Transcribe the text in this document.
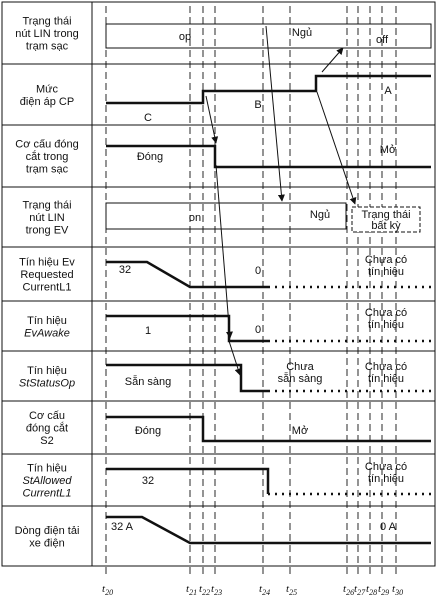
Trạng thái
nút LIN trong
trạm sạc
Mức
điện áp CP
Cơ cấu đóng
cắt trong
trạm sạc
Trạng thái
nút LIN
trong EV
Tín hiệu Ev
Requested
CurrentL1
Tín hiệu
EvAwake
Tín hiệu
StStatusOp
Cơ cấu
đóng cắt
S2
Tín hiệu
StAllowed
CurrentL1
Dòng điện tải
xe điện
op	Ngủ
off
C
B
A
Đóng
Mở
on	Ngủ	Trạng thái
bất kỳ
32	0
Chưa có
tín hiệu
1	0
Chưa có
tín hiệu
Sẵn sàng
Chưa
sẵn sàng
Chưa có
tín hiệu
Đóng	Mở
32
Chưa có
tín hiệu
32 A	0 A
$t_{20}$	$t_{21}$ $t_{22}$ $t_{23}$	$t_{24}$ $t_{25}$	$t_{26}$ $t_{27}$ $t_{28}$ $t_{29}$ $t_{30}$
